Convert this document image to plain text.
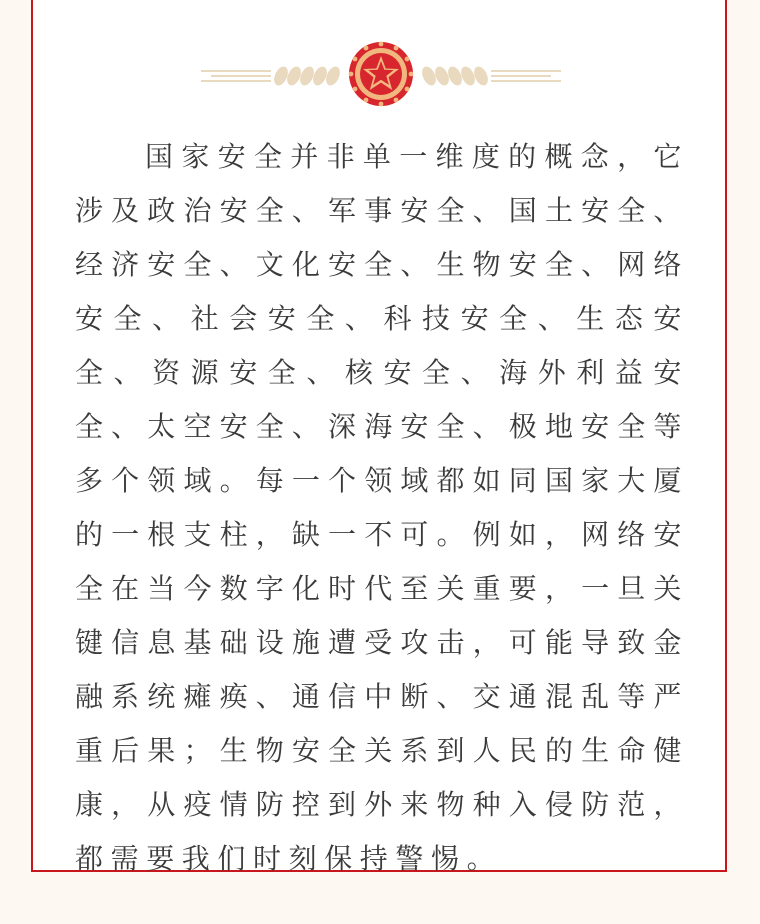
国家安全并非单一维度的概念，它涉及政治安全、军事安全、国土安全、经济安全、文化安全、生物安全、网络安全、社会安全、科技安全、生态安全、资源安全、核安全、海外利益安全、太空安全、深海安全、极地安全等多个领域。每一个领域都如同国家大厦的一根支柱，缺一不可。例如，网络安全在当今数字化时代至关重要，一旦关键信息基础设施遭受攻击，可能导致金融系统瘫痪、通信中断、交通混乱等严重后果；生物安全关系到人民的生命健康，从疫情防控到外来物种入侵防范，都需要我们时刻保持警惕。
